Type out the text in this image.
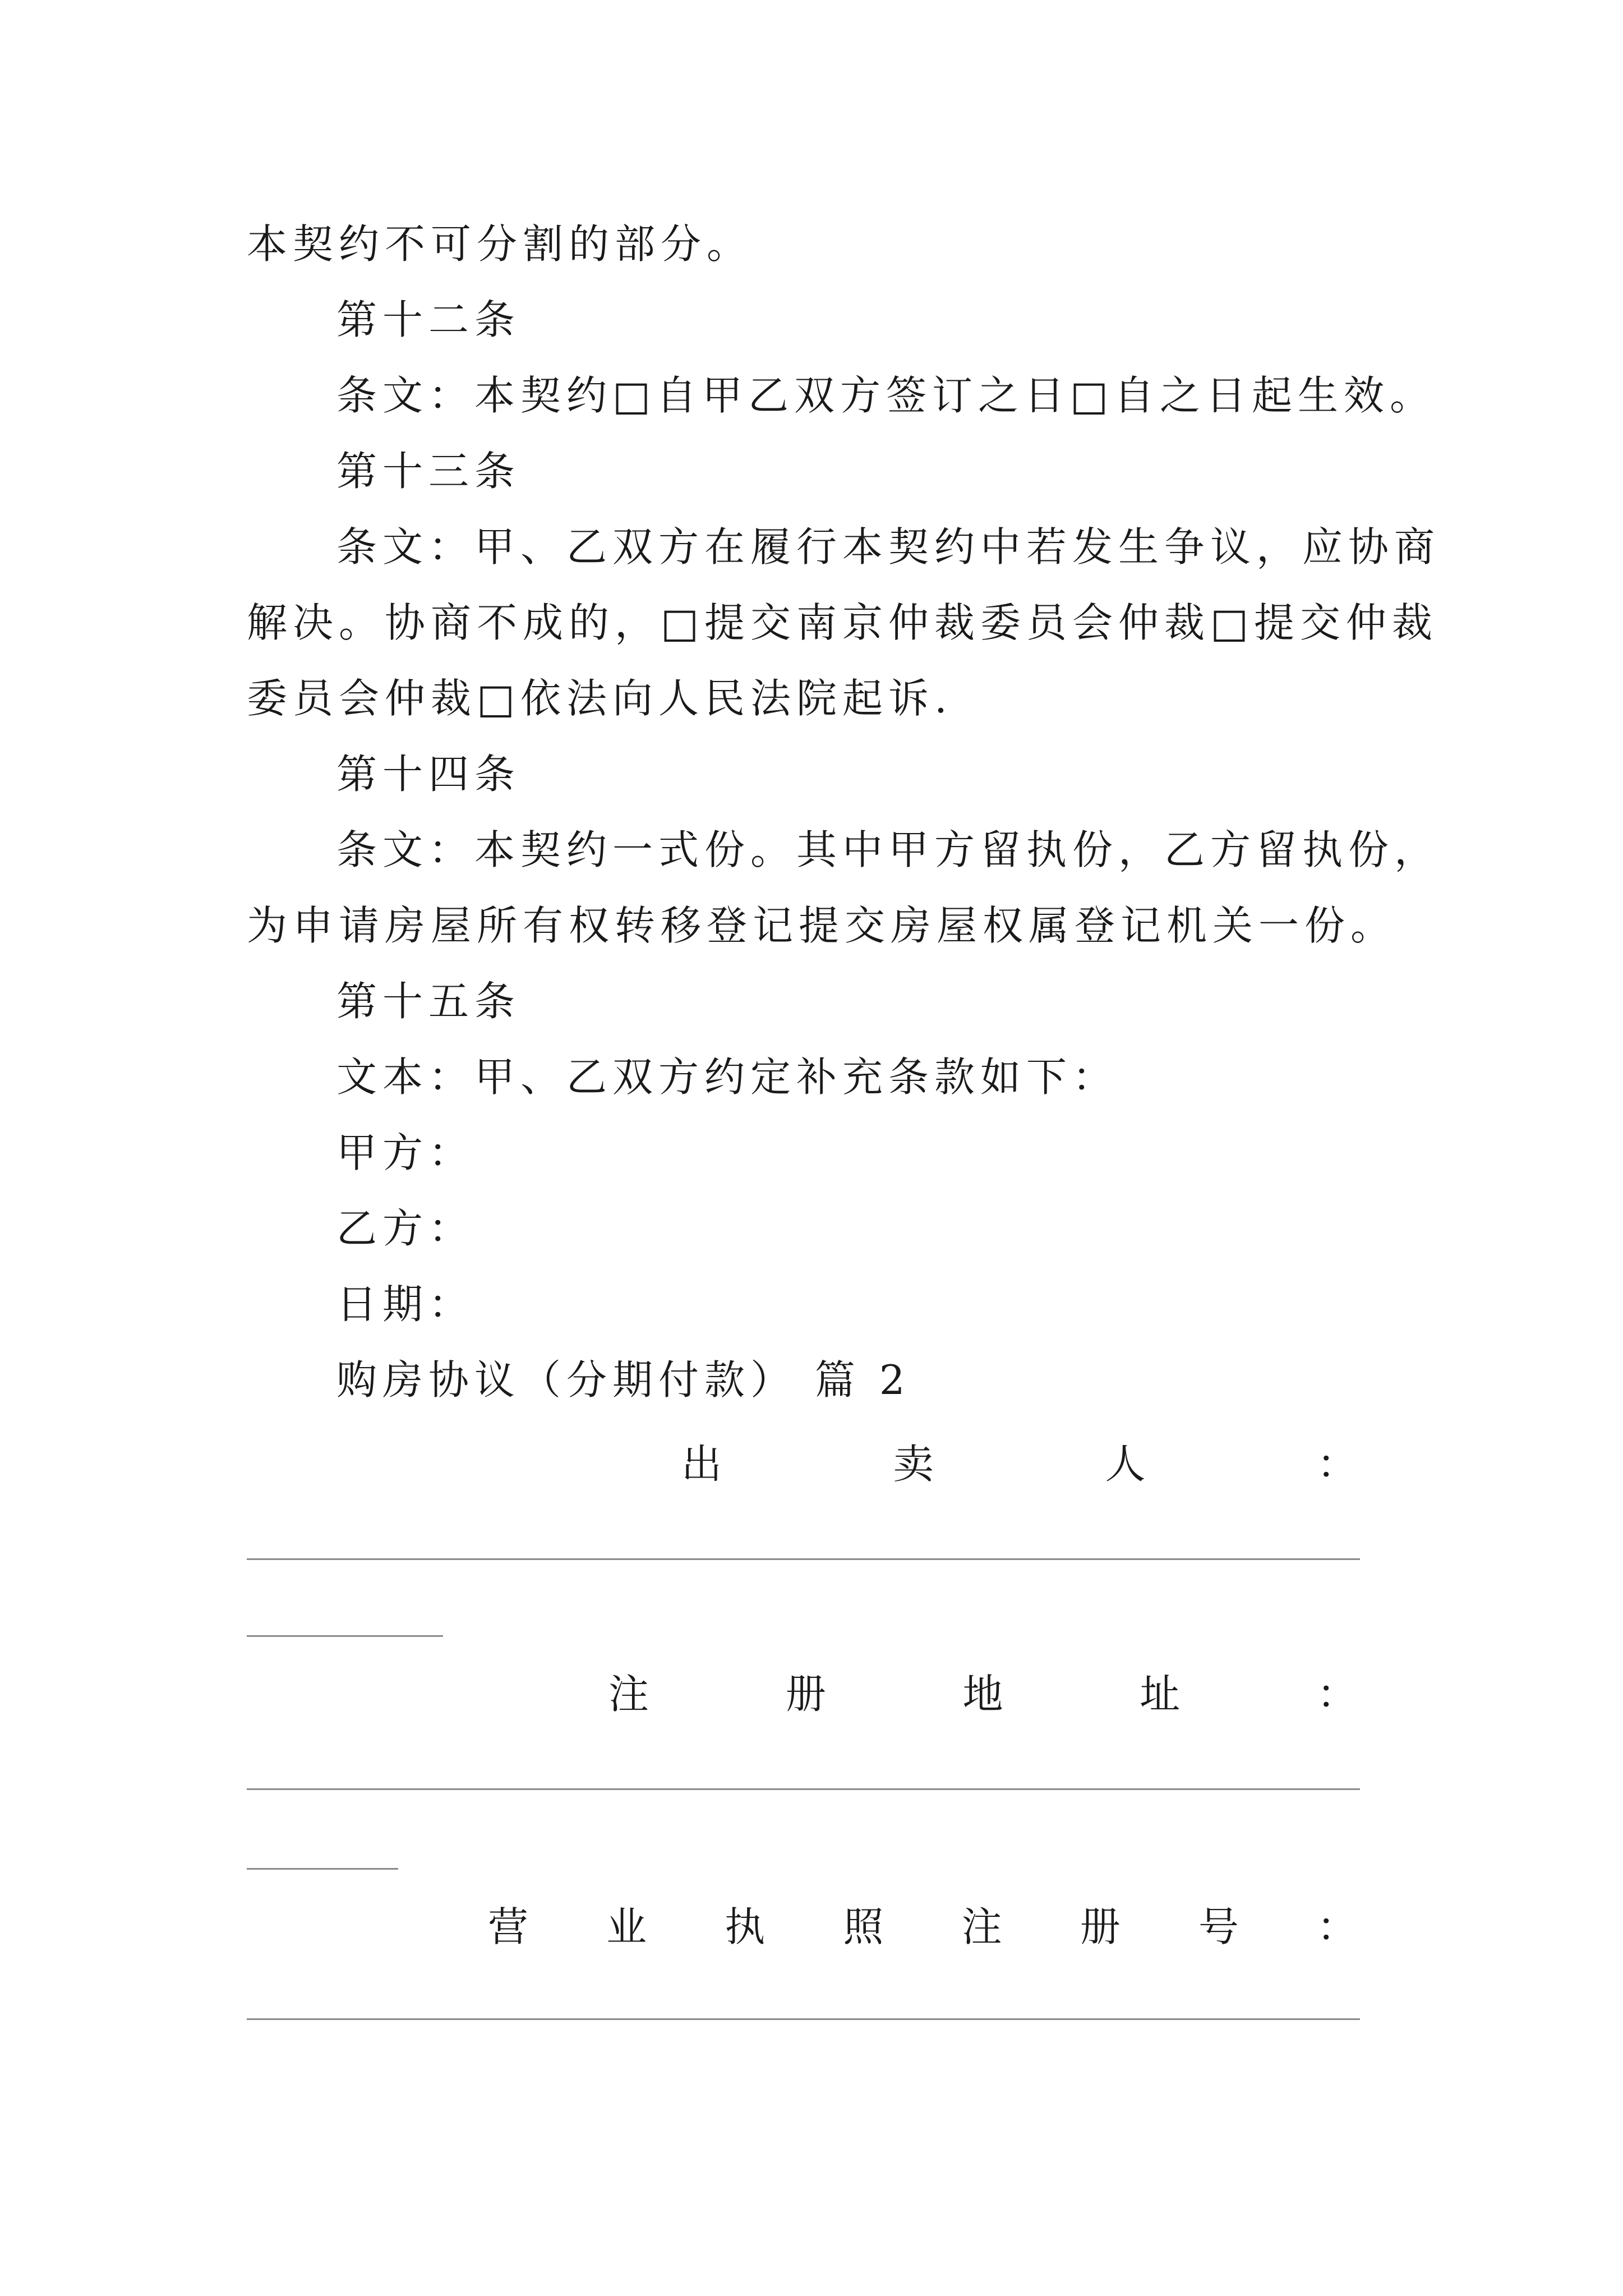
本契约不可分割的部分。
第十二条
条文：本契约□自甲乙双方签订之日□自之日起生效。
第十三条
条文：甲、乙双方在履行本契约中若发生争议，应协商
解决。协商不成的，□提交南京仲裁委员会仲裁□提交仲裁
委员会仲裁□依法向人民法院起诉.
第十四条
条文：本契约一式份。其中甲方留执份，乙方留执份，
为申请房屋所有权转移登记提交房屋权属登记机关一份。
第十五条
文本：甲、乙双方约定补充条款如下：
甲方：
乙方：
日期：
购房协议（分期付款） 篇 2
出	卖	人	：
注	册	地	址	：
营 业 执 照 注 册 号 ：
